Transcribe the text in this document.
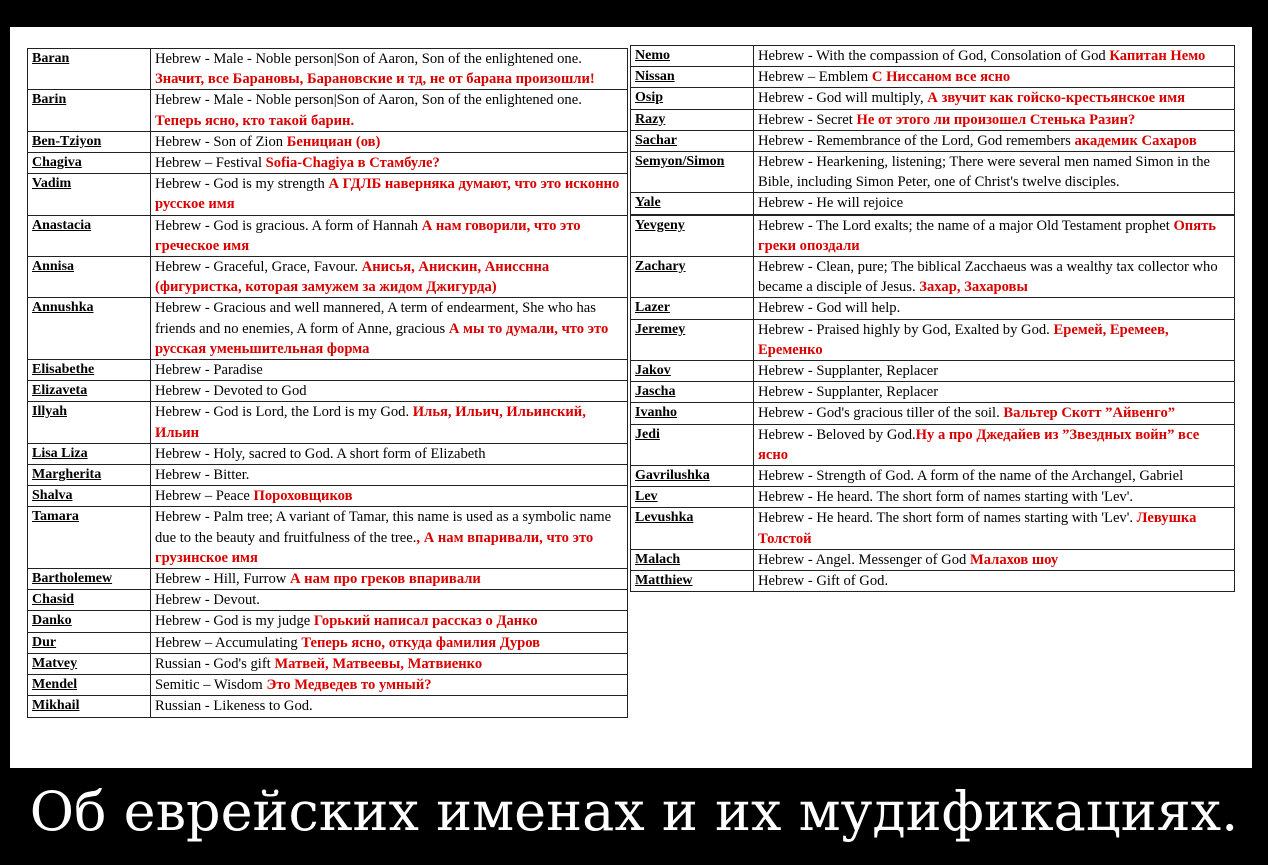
Baran	Hebrew - Male - Noble person|Son of Aaron, Son of the enlightened one. Значит, все Барановы, Барановские и тд, не от барана произошли!
Barin	Hebrew - Male - Noble person|Son of Aaron, Son of the enlightened one. Теперь ясно, кто такой барин.
Ben-Tziyon	Hebrew - Son of Zion Бенициан (ов)
Chagiva	Hebrew – Festival Sofia-Chagiya в Стамбуле?
Vadim	Hebrew - God is my strength А ГДЛБ наверняка думают, что это исконно русское имя
Anastacia	Hebrew - God is gracious. A form of Hannah А нам говорили, что это греческое имя
Annisa	Hebrew - Graceful, Grace, Favour. Анисья, Анискин, Анисснна (фигуристка, которая замужем за жидом Джигурда)
Annushka	Hebrew - Gracious and well mannered, A term of endearment, She who has friends and no enemies, A form of Anne, gracious А мы то думали, что это русская уменьшительная форма
Elisabethe	Hebrew - Paradise
Elizaveta	Hebrew - Devoted to God
Illyah	Hebrew - God is Lord, the Lord is my God. Илья, Ильич, Ильинский, Ильин
Lisa Liza	Hebrew - Holy, sacred to God. A short form of Elizabeth
Margherita	Hebrew - Bitter.
Shalva	Hebrew – Peace Пороховщиков
Tamara	Hebrew - Palm tree; A variant of Tamar, this name is used as a symbolic name due to the beauty and fruitfulness of the tree., А нам впаривали, что это грузинское имя
Bartholemew	Hebrew - Hill, Furrow А нам про греков впаривали
Chasid	Hebrew - Devout.
Danko	Hebrew - God is my judge Горький написал рассказ о Данко
Dur	Hebrew – Accumulating Теперь ясно, откуда фамилия Дуров
Matvey	Russian - God's gift Матвей, Матвеевы, Матвиенко
Mendel	Semitic – Wisdom Это Медведев то умный?
Mikhail	Russian - Likeness to God.
Nemo	Hebrew - With the compassion of God, Consolation of God Капитан Немо
Nissan	Hebrew – Emblem С Ниссаном все ясно
Osip	Hebrew - God will multiply, А звучит как гойско-крестьянское имя
Razy	Hebrew - Secret Не от этого ли произошел Стенька Разин?
Sachar	Hebrew - Remembrance of the Lord, God remembers академик Сахаров
Semyon/Simon	Hebrew - Hearkening, listening; There were several men named Simon in the Bible, including Simon Peter, one of Christ's twelve disciples.
Yale	Hebrew - He will rejoice

Yevgeny	Hebrew - The Lord exalts; the name of a major Old Testament prophet Опять греки опоздали
Zachary	Hebrew - Clean, pure; The biblical Zacchaeus was a wealthy tax collector who became a disciple of Jesus. Захар, Захаровы
Lazer	Hebrew - God will help.
Jeremey	Hebrew - Praised highly by God, Exalted by God. Еремей, Еремеев, Еременко
Jakov	Hebrew - Supplanter, Replacer
Jascha	Hebrew - Supplanter, Replacer
Ivanho	Hebrew - God's gracious tiller of the soil. Вальтер Скотт ”Айвенго”
Jedi	Hebrew - Beloved by God.Ну а про Джедайев из ”Звездных войн” все ясно
Gavrilushka	Hebrew - Strength of God. A form of the name of the Archangel, Gabriel
Lev	Hebrew - He heard. The short form of names starting with 'Lev'.
Levushka	Hebrew - He heard. The short form of names starting with 'Lev'. Левушка Толстой
Malach	Hebrew - Angel. Messenger of God Малахов шоу
Matthiew	Hebrew - Gift of God.
Об еврейских именах и их мудификациях.
